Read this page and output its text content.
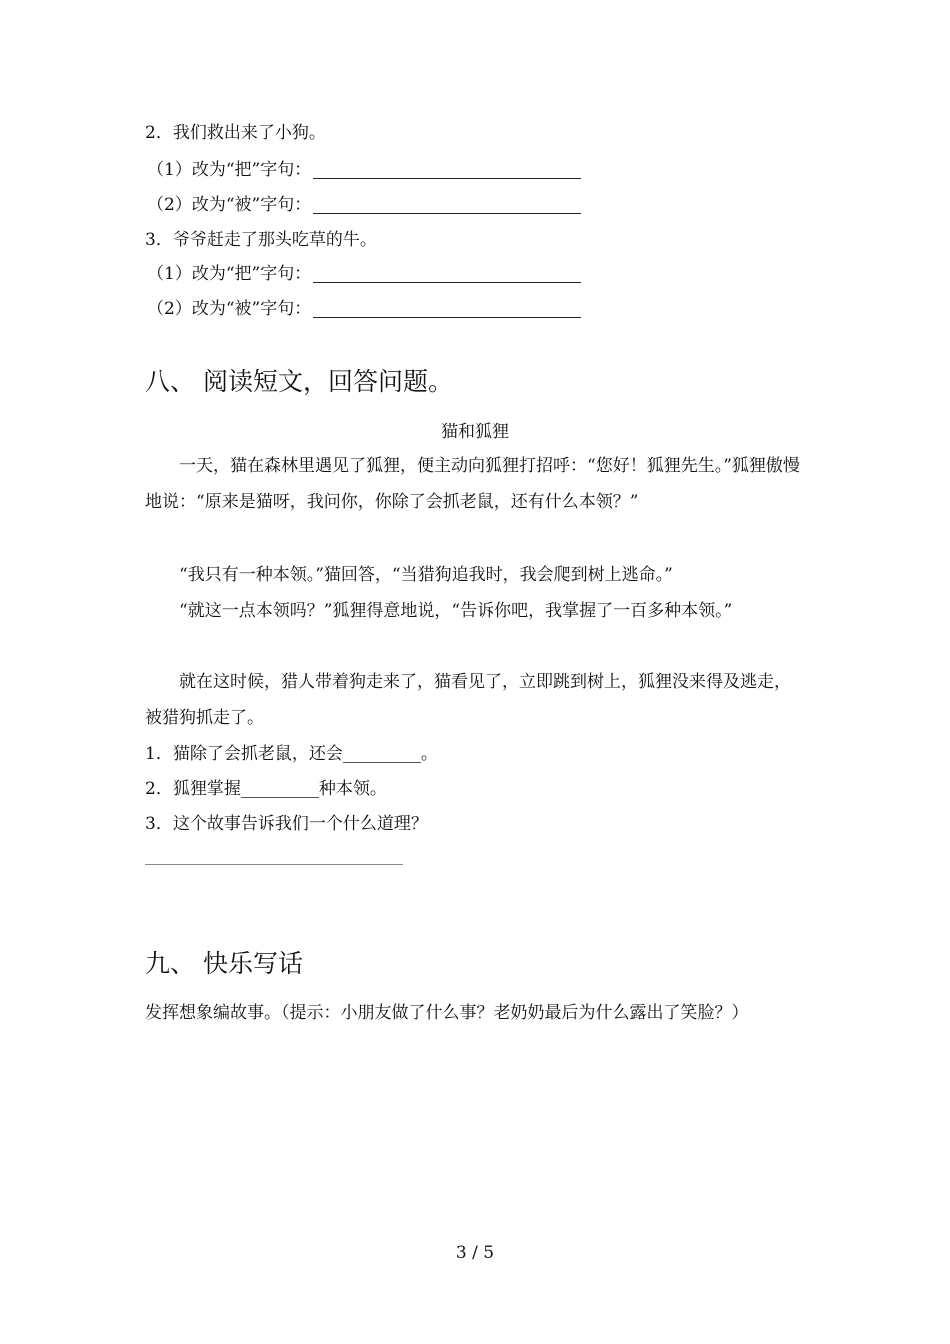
2．我们救出来了小狗。
（1）改为“把”字句：
（2）改为“被”字句：
3．爷爷赶走了那头吃草的牛。
（1）改为“把”字句：
（2）改为“被”字句：
八、 阅读短文，回答问题。
猫和狐狸
一天，猫在森林里遇见了狐狸，便主动向狐狸打招呼：“您好！狐狸先生。”狐狸傲慢地说：“原来是猫呀，我问你，你除了会抓老鼠，还有什么本领？”
“我只有一种本领。”猫回答，“当猎狗追我时，我会爬到树上逃命。”
“就这一点本领吗？”狐狸得意地说，“告诉你吧，我掌握了一百多种本领。”
就在这时候，猎人带着狗走来了，猫看见了，立即跳到树上，狐狸没来得及逃走，被猎狗抓走了。
1．猫除了会抓老鼠，还会	。
2．狐狸掌握	种本领。
3．这个故事告诉我们一个什么道理？
九、 快乐写话
发挥想象编故事。（提示：小朋友做了什么事？老奶奶最后为什么露出了笑脸？）
3 / 5
